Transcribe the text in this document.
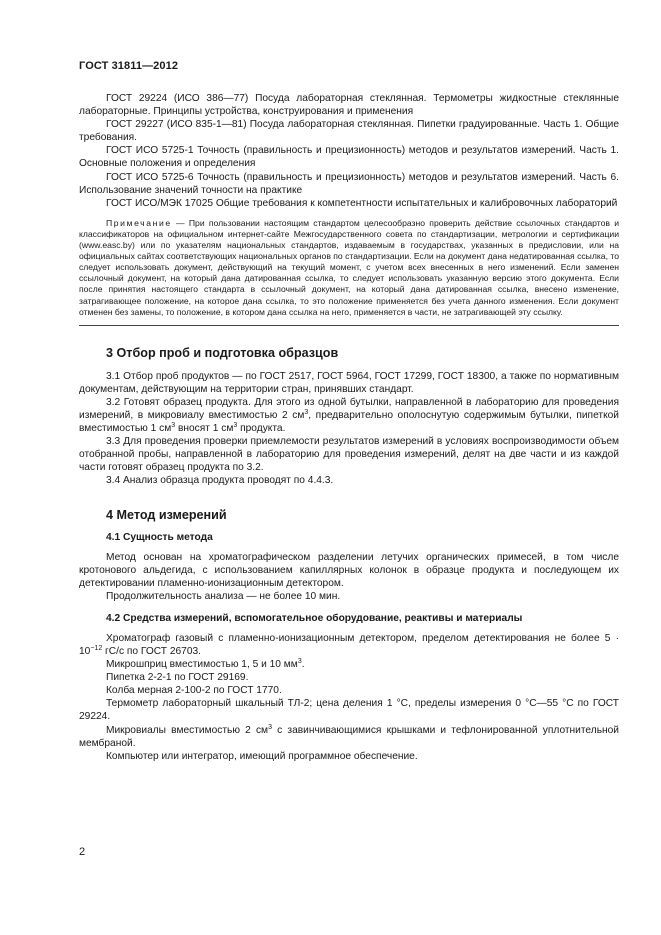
ГОСТ 31811—2012

ГОСТ 29224 (ИСО 386—77) Посуда лабораторная стеклянная. Термометры жидкостные стеклянные лабораторные. Принципы устройства, конструирования и применения

ГОСТ 29227 (ИСО 835-1—81) Посуда лабораторная стеклянная. Пипетки градуированные. Часть 1. Общие требования.

ГОСТ ИСО 5725-1 Точность (правильность и прецизионность) методов и результатов измерений. Часть 1. Основные положения и определения

ГОСТ ИСО 5725-6 Точность (правильность и прецизионность) методов и результатов измерений. Часть 6. Использование значений точности на практике

ГОСТ ИСО/МЭК 17025 Общие требования к компетентности испытательных и калибровочных лабораторий

Примечание — При пользовании настоящим стандартом целесообразно проверить действие ссылочных стандартов и классификаторов на официальном интернет-сайте Межгосударственного совета по стандартизации, метрологии и сертификации (www.easc.by) или по указателям национальных стандартов, издаваемым в государствах, указанных в предисловии, или на официальных сайтах соответствующих национальных органов по стандартизации. Если на документ дана недатированная ссылка, то следует использовать документ, действующий на текущий момент, с учетом всех внесенных в него изменений. Если заменен ссылочный документ, на который дана датированная ссылка, то следует использовать указанную версию этого документа. Если после принятия настоящего стандарта в ссылочный документ, на который дана датированная ссылка, внесено изменение, затрагивающее положение, на которое дана ссылка, то это положение применяется без учета данного изменения. Если документ отменен без замены, то положение, в котором дана ссылка на него, применяется в части, не затрагивающей эту ссылку.

3 Отбор проб и подготовка образцов

3.1 Отбор проб продуктов — по ГОСТ 2517, ГОСТ 5964, ГОСТ 17299, ГОСТ 18300, а также по нормативным документам, действующим на территории стран, принявших стандарт.

3.2 Готовят образец продукта. Для этого из одной бутылки, направленной в лабораторию для проведения измерений, в микровиалу вместимостью 2 $см^3$, предварительно ополоснутую содержимым бутылки, пипеткой вместимостью 1 $см^3$ вносят 1 $см^3$ продукта.

3.3 Для проведения проверки приемлемости результатов измерений в условиях воспроизводимости объем отобранной пробы, направленной в лабораторию для проведения измерений, делят на две части и из каждой части готовят образец продукта по 3.2.

3.4 Анализ образца продукта проводят по 4.4.3.

4 Метод измерений
4.1 Сущность метода

Метод основан на хроматографическом разделении летучих органических примесей, в том числе кротонового альдегида, с использованием капиллярных колонок в образце продукта и последующем их детектировании пламенно-ионизационным детектором.

Продолжительность анализа — не более 10 мин.

4.2 Средства измерений, вспомогательное оборудование, реактивы и материалы

Хроматограф газовый с пламенно-ионизационным детектором, пределом детектирования не более $5 \cdot 10^{-12}$ гС/с по ГОСТ 26703.

Микрошприц вместимостью 1, 5 и 10 $мм^3$.

Пипетка 2-2-1 по ГОСТ 29169.

Колба мерная 2-100-2 по ГОСТ 1770.

Термометр лабораторный шкальный ТЛ-2; цена деления 1 °С, пределы измерения 0 °С—55 °С по ГОСТ 29224.

Микровиалы вместимостью 2 $см^3$ с завинчивающимися крышками и тефлонированной уплотнительной мембраной.

Компьютер или интегратор, имеющий программное обеспечение.

2
